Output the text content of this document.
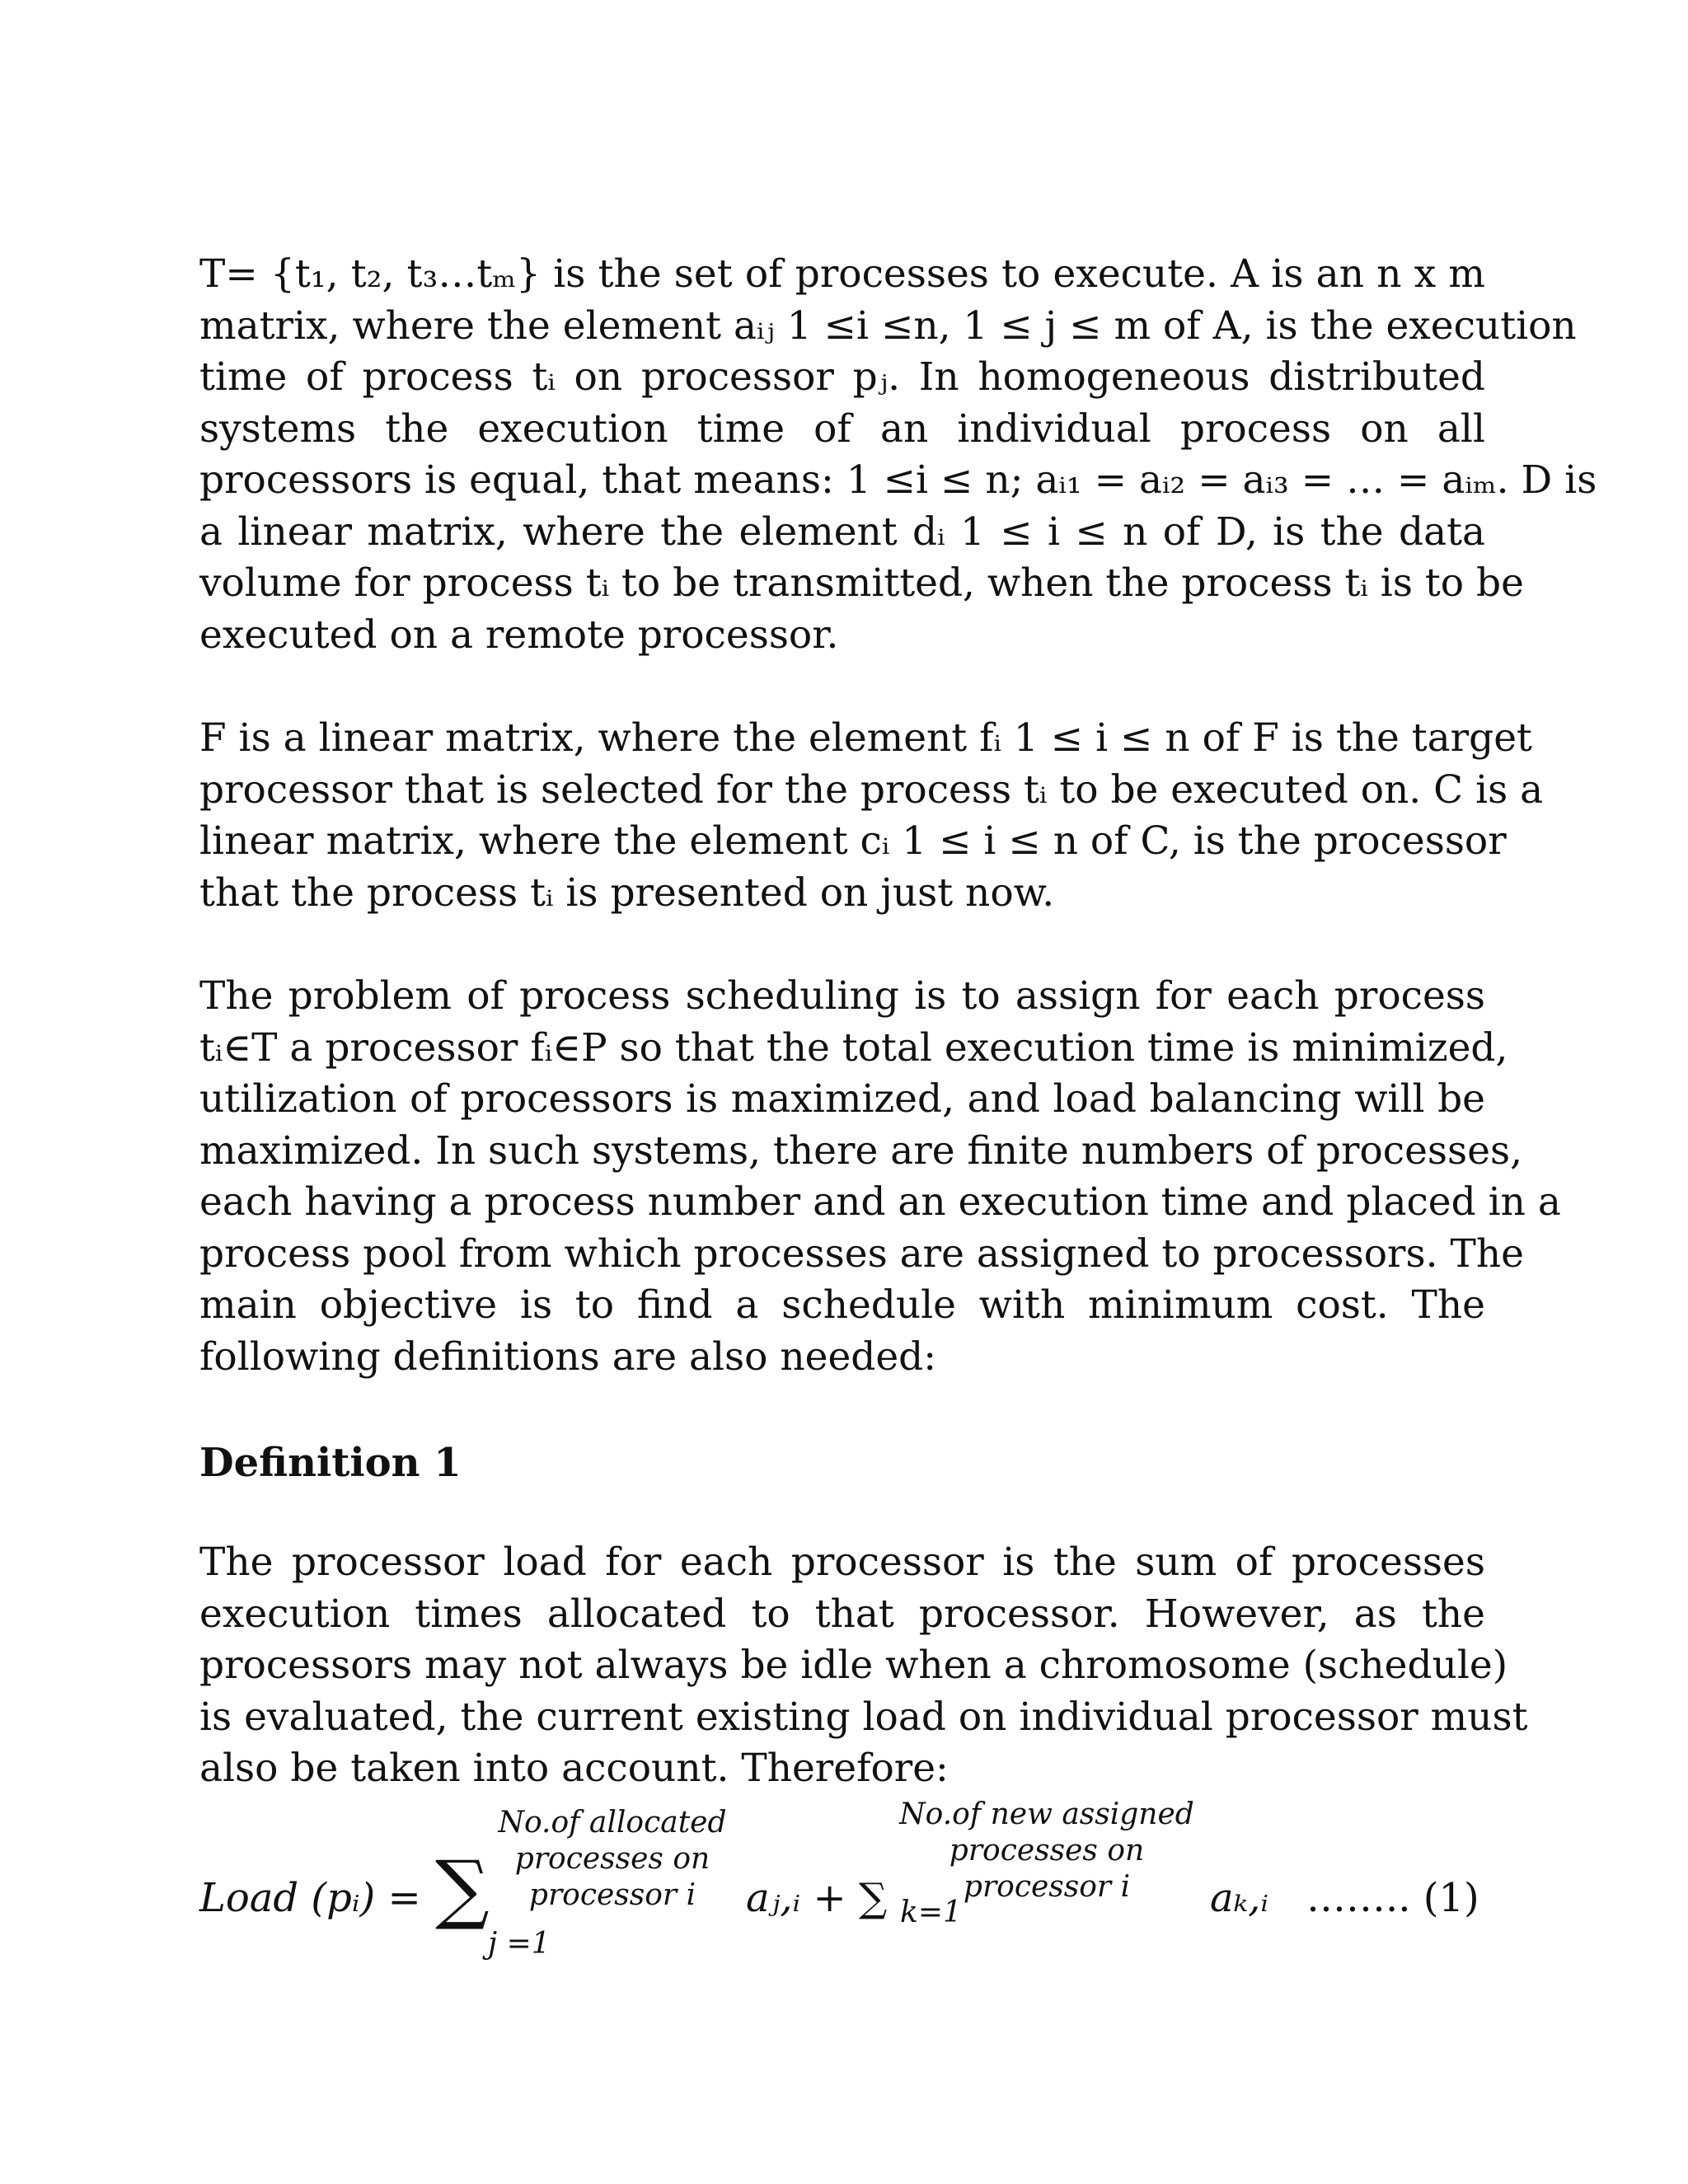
T= {t₁, t₂, t₃…tₘ} is the set of processes to execute. A is an n x m
matrix, where the element aᵢⱼ 1 ≤i ≤n, 1 ≤ j ≤ m of A, is the execution
time of process tᵢ on processor pⱼ. In homogeneous distributed
systems the execution time of an individual process on all
processors is equal, that means: 1 ≤i ≤ n; aᵢ₁ = aᵢ₂ = aᵢ₃ = … = aᵢₘ. D is
a linear matrix, where the element dᵢ 1 ≤ i ≤ n of D, is the data
volume for process tᵢ to be transmitted, when the process tᵢ is to be
executed on a remote processor.
F is a linear matrix, where the element fᵢ 1 ≤ i ≤ n of F is the target
processor that is selected for the process tᵢ to be executed on. C is a
linear matrix, where the element cᵢ 1 ≤ i ≤ n of C, is the processor
that the process tᵢ is presented on just now.
The problem of process scheduling is to assign for each process
tᵢ∈T a processor fᵢ∈P so that the total execution time is minimized,
utilization of processors is maximized, and load balancing will be
maximized. In such systems, there are finite numbers of processes,
each having a process number and an execution time and placed in a
process pool from which processes are assigned to processors. The
main objective is to find a schedule with minimum cost. The
following definitions are also needed:
Definition 1
The processor load for each processor is the sum of processes
execution times allocated to that processor. However, as the
processors may not always be idle when a chromosome (schedule)
is evaluated, the current existing load on individual processor must
also be taken into account. Therefore:
Load (pᵢ) = ∑
No.of allocated
processes on
processor i
j =1
aⱼ,ᵢ + ∑ k=1
No.of new assigned
processes on
processor i	aₖ,ᵢ …….. (1)
